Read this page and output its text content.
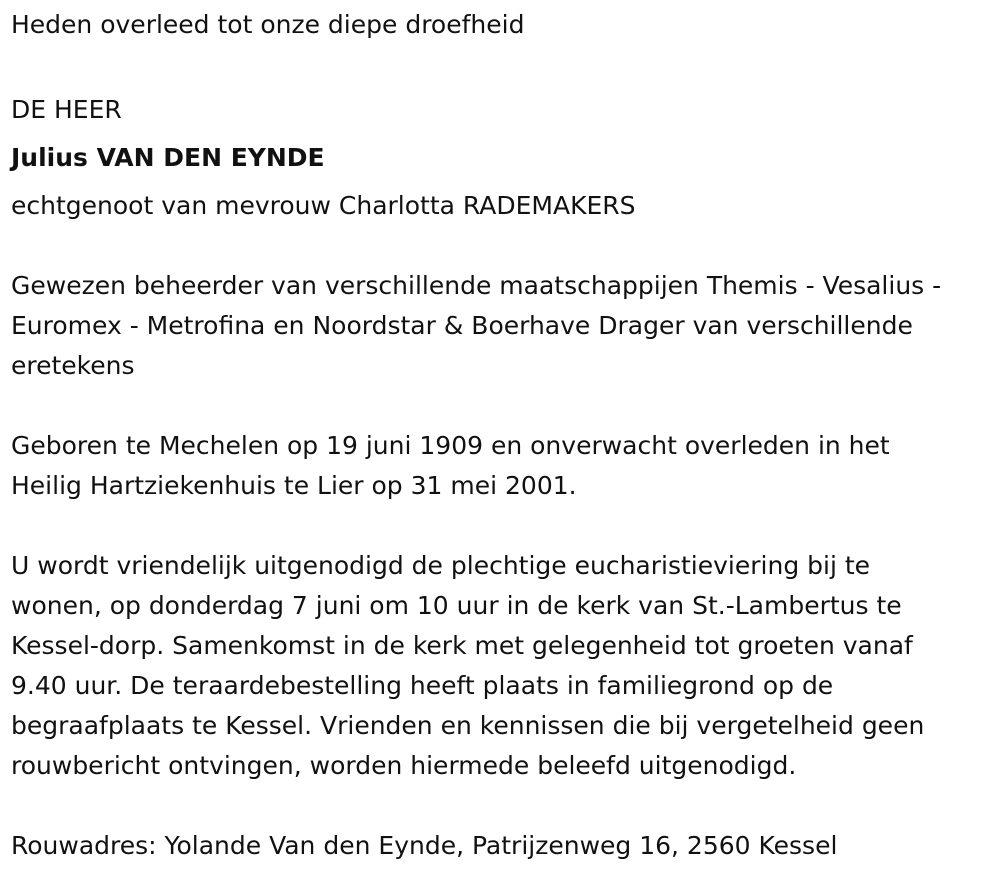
Heden overleed tot onze diepe droefheid

DE HEER

Julius VAN DEN EYNDE

echtgenoot van mevrouw Charlotta RADEMAKERS

Gewezen beheerder van verschillende maatschappijen Themis - Vesalius -

Euromex - Metrofina en Noordstar & Boerhave Drager van verschillende

eretekens

Geboren te Mechelen op 19 juni 1909 en onverwacht overleden in het

Heilig Hartziekenhuis te Lier op 31 mei 2001.

U wordt vriendelijk uitgenodigd de plechtige eucharistieviering bij te

wonen, op donderdag 7 juni om 10 uur in de kerk van St.-Lambertus te

Kessel-dorp. Samenkomst in de kerk met gelegenheid tot groeten vanaf

9.40 uur. De teraardebestelling heeft plaats in familiegrond op de

begraafplaats te Kessel. Vrienden en kennissen die bij vergetelheid geen

rouwbericht ontvingen, worden hiermede beleefd uitgenodigd.

Rouwadres: Yolande Van den Eynde, Patrijzenweg 16, 2560 Kessel
